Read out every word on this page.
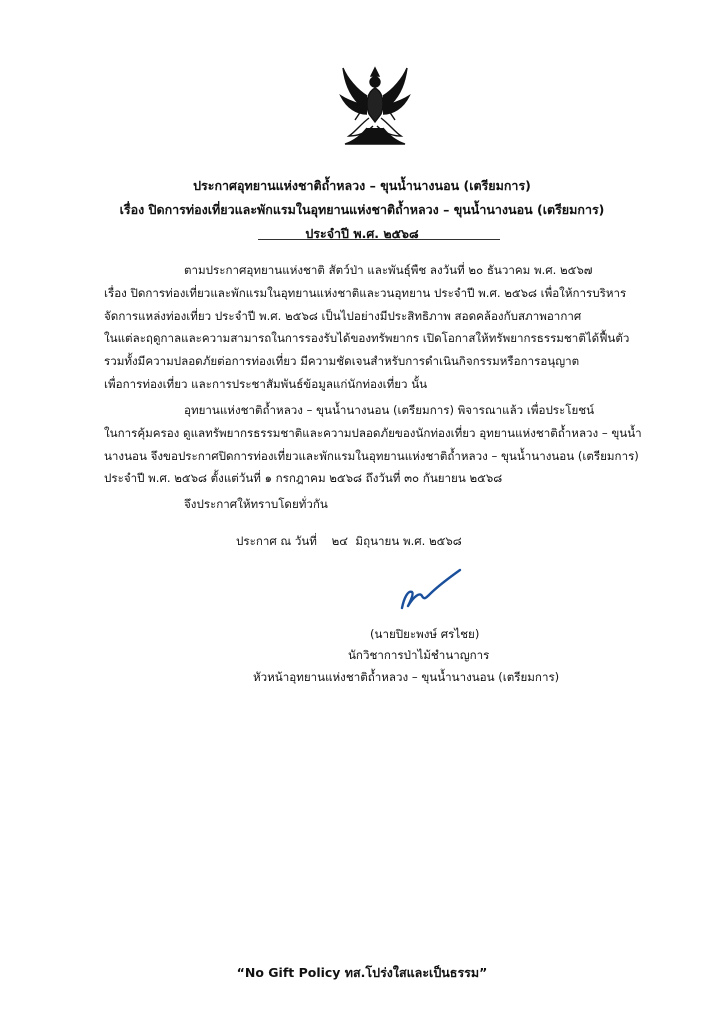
ประกาศอุทยานแห่งชาติถ้ำหลวง – ขุนน้ำนางนอน (เตรียมการ)
เรื่อง ปิดการท่องเที่ยวและพักแรมในอุทยานแห่งชาติถ้ำหลวง – ขุนน้ำนางนอน (เตรียมการ)
ประจำปี พ.ศ. ๒๕๖๘

ตามประกาศอุทยานแห่งชาติ สัตว์ป่า และพันธุ์พืช ลงวันที่ ๒๐ ธันวาคม พ.ศ. ๒๕๖๗

เรื่อง ปิดการท่องเที่ยวและพักแรมในอุทยานแห่งชาติและวนอุทยาน ประจำปี พ.ศ. ๒๕๖๘ เพื่อให้การบริหาร

จัดการแหล่งท่องเที่ยว ประจำปี พ.ศ. ๒๕๖๘ เป็นไปอย่างมีประสิทธิภาพ สอดคล้องกับสภาพอากาศ

ในแต่ละฤดูกาลและความสามารถในการรองรับได้ของทรัพยากร เปิดโอกาสให้ทรัพยากรธรรมชาติได้ฟื้นตัว

รวมทั้งมีความปลอดภัยต่อการท่องเที่ยว มีความชัดเจนสำหรับการดำเนินกิจกรรมหรือการอนุญาต

เพื่อการท่องเที่ยว และการประชาสัมพันธ์ข้อมูลแก่นักท่องเที่ยว นั้น

อุทยานแห่งชาติถ้ำหลวง – ขุนน้ำนางนอน (เตรียมการ) พิจารณาแล้ว เพื่อประโยชน์

ในการคุ้มครอง ดูแลทรัพยากรธรรมชาติและความปลอดภัยของนักท่องเที่ยว อุทยานแห่งชาติถ้ำหลวง – ขุนน้ำ

นางนอน จึงขอประกาศปิดการท่องเที่ยวและพักแรมในอุทยานแห่งชาติถ้ำหลวง – ขุนน้ำนางนอน (เตรียมการ)

ประจำปี พ.ศ. ๒๕๖๘ ตั้งแต่วันที่ ๑ กรกฎาคม ๒๕๖๘ ถึงวันที่ ๓๐ กันยายน ๒๕๖๘

จึงประกาศให้ทราบโดยทั่วกัน
ประกาศ ณ วันที่    ๒๔  มิถุนายน พ.ศ. ๒๕๖๘
(นายปิยะพงษ์ ศรไชย)
นักวิชาการป่าไม้ชำนาญการ
หัวหน้าอุทยานแห่งชาติถ้ำหลวง – ขุนน้ำนางนอน (เตรียมการ)
“No Gift Policy ทส.โปร่งใสและเป็นธรรม”
